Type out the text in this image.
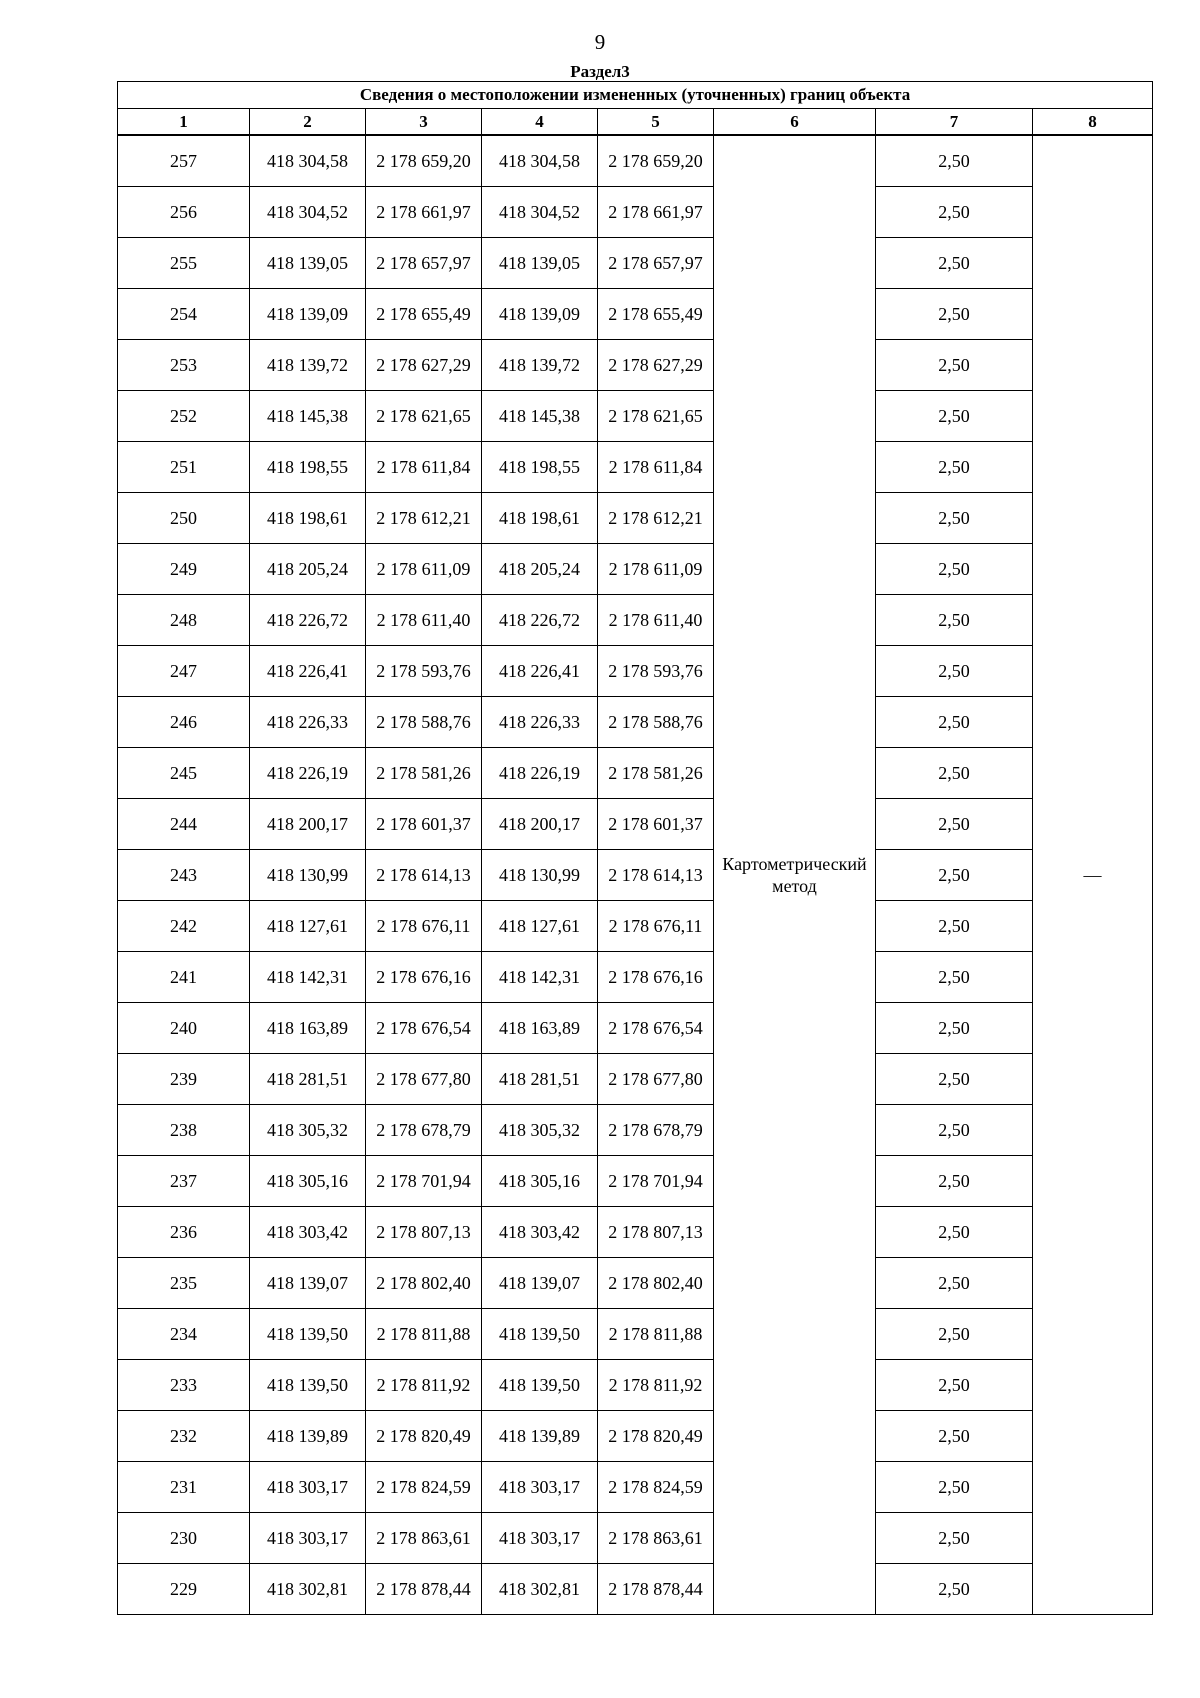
9
Раздел3
Сведения о местоположении измененных (уточненных) границ объекта							
1	2	3	4	5	6	7	8
257	418 304,58	2 178 659,20	418 304,58	2 178 659,20	Картометрический метод	2,50	—
256	418 304,52	2 178 661,97	418 304,52	2 178 661,97		2,50	
255	418 139,05	2 178 657,97	418 139,05	2 178 657,97		2,50	
254	418 139,09	2 178 655,49	418 139,09	2 178 655,49		2,50	
253	418 139,72	2 178 627,29	418 139,72	2 178 627,29		2,50	
252	418 145,38	2 178 621,65	418 145,38	2 178 621,65		2,50	
251	418 198,55	2 178 611,84	418 198,55	2 178 611,84		2,50	
250	418 198,61	2 178 612,21	418 198,61	2 178 612,21		2,50	
249	418 205,24	2 178 611,09	418 205,24	2 178 611,09		2,50	
248	418 226,72	2 178 611,40	418 226,72	2 178 611,40		2,50	
247	418 226,41	2 178 593,76	418 226,41	2 178 593,76		2,50	
246	418 226,33	2 178 588,76	418 226,33	2 178 588,76		2,50	
245	418 226,19	2 178 581,26	418 226,19	2 178 581,26		2,50	
244	418 200,17	2 178 601,37	418 200,17	2 178 601,37		2,50	
243	418 130,99	2 178 614,13	418 130,99	2 178 614,13		2,50	
242	418 127,61	2 178 676,11	418 127,61	2 178 676,11		2,50	
241	418 142,31	2 178 676,16	418 142,31	2 178 676,16		2,50	
240	418 163,89	2 178 676,54	418 163,89	2 178 676,54		2,50	
239	418 281,51	2 178 677,80	418 281,51	2 178 677,80		2,50	
238	418 305,32	2 178 678,79	418 305,32	2 178 678,79		2,50	
237	418 305,16	2 178 701,94	418 305,16	2 178 701,94		2,50	
236	418 303,42	2 178 807,13	418 303,42	2 178 807,13		2,50	
235	418 139,07	2 178 802,40	418 139,07	2 178 802,40		2,50	
234	418 139,50	2 178 811,88	418 139,50	2 178 811,88		2,50	
233	418 139,50	2 178 811,92	418 139,50	2 178 811,92		2,50	
232	418 139,89	2 178 820,49	418 139,89	2 178 820,49		2,50	
231	418 303,17	2 178 824,59	418 303,17	2 178 824,59		2,50	
230	418 303,17	2 178 863,61	418 303,17	2 178 863,61		2,50	
229	418 302,81	2 178 878,44	418 302,81	2 178 878,44		2,50	
